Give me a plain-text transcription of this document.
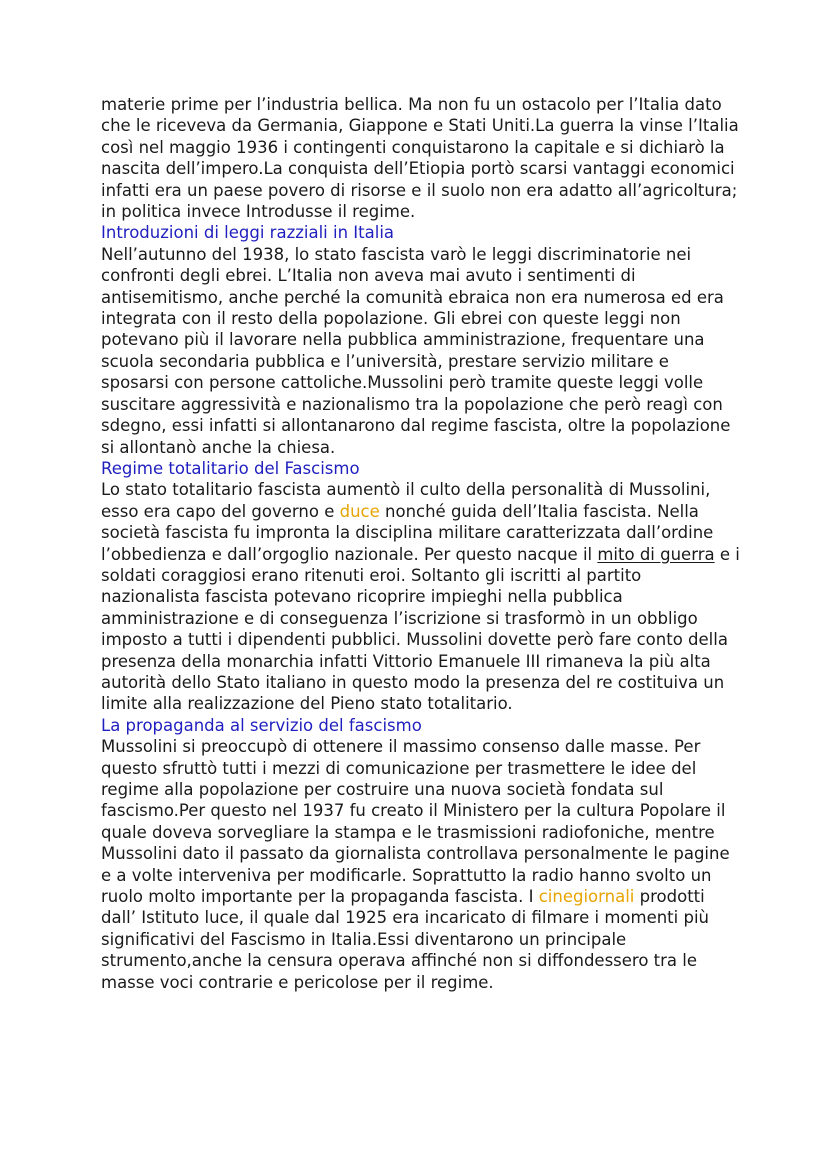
materie prime per l’industria bellica. Ma non fu un ostacolo per l’Italia dato che le riceveva da Germania, Giappone e Stati Uniti.La guerra la vinse l’Italia così nel maggio 1936 i contingenti conquistarono la capitale e si dichiarò la nascita dell’impero.La conquista dell’Etiopia portò scarsi vantaggi economici infatti era un paese povero di risorse e il suolo non era adatto all’agricoltura; in politica invece Introdusse il regime.

Introduzioni di leggi razziali in Italia

Nell’autunno del 1938, lo stato fascista varò le leggi discriminatorie nei confronti degli ebrei. L’Italia non aveva mai avuto i sentimenti di antisemitismo, anche perché la comunità ebraica non era numerosa ed era integrata con il resto della popolazione. Gli ebrei con queste leggi non potevano più il lavorare nella pubblica amministrazione, frequentare una scuola secondaria pubblica e l’università, prestare servizio militare e sposarsi con persone cattoliche.Mussolini però tramite queste leggi volle suscitare aggressività e nazionalismo tra la popolazione che però reagì con sdegno, essi infatti si allontanarono dal regime fascista, oltre la popolazione si allontanò anche la chiesa.

Regime totalitario del Fascismo

Lo stato totalitario fascista aumentò il culto della personalità di Mussolini, esso era capo del governo e duce nonché guida dell’Italia fascista. Nella società fascista fu impronta la disciplina militare caratterizzata dall’ordine l’obbedienza e dall’orgoglio nazionale. Per questo nacque il mito di guerra e i soldati coraggiosi erano ritenuti eroi. Soltanto gli iscritti al partito nazionalista fascista potevano ricoprire impieghi nella pubblica amministrazione e di conseguenza l’iscrizione si trasformò in un obbligo imposto a tutti i dipendenti pubblici. Mussolini dovette però fare conto della presenza della monarchia infatti Vittorio Emanuele III rimaneva la più alta autorità dello Stato italiano in questo modo la presenza del re costituiva un limite alla realizzazione del Pieno stato totalitario.

La propaganda al servizio del fascismo

Mussolini si preoccupò di ottenere il massimo consenso dalle masse. Per questo sfruttò tutti i mezzi di comunicazione per trasmettere le idee del regime alla popolazione per costruire una nuova società fondata sul fascismo.Per questo nel 1937 fu creato il Ministero per la cultura Popolare il quale doveva sorvegliare la stampa e le trasmissioni radiofoniche, mentre Mussolini dato il passato da giornalista controllava personalmente le pagine e a volte interveniva per modificarle. Soprattutto la radio hanno svolto un ruolo molto importante per la propaganda fascista. I cinegiornali prodotti dall’ Istituto luce, il quale dal 1925 era incaricato di filmare i momenti più significativi del Fascismo in Italia.Essi diventarono un principale strumento,anche la censura operava affinché non si diffondessero tra le masse voci contrarie e pericolose per il regime.
